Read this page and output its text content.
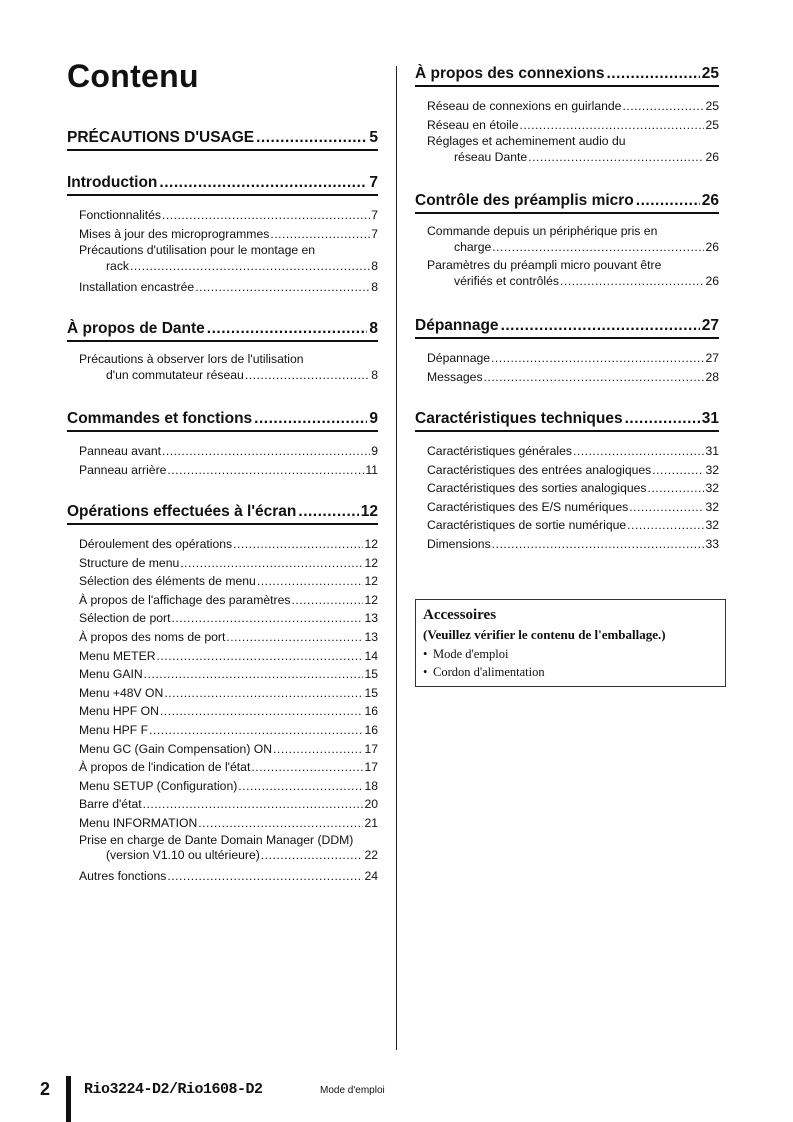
Contenu
PRÉCAUTIONS D'USAGE .....	5
Introduction .....	7
Fonctionnalités .....	7
Mises à jour des microprogrammes .....	7
Précautions d'utilisation pour le montage en
rack .....	8
Installation encastrée .....	8
À propos de Dante .....	8
Précautions à observer lors de l'utilisation
d'un commutateur réseau .....	8
Commandes et fonctions .....	9
Panneau avant .....	9
Panneau arrière .....	11
Opérations effectuées à l'écran .....	12
Déroulement des opérations .....	12
Structure de menu .....	12
Sélection des éléments de menu .....	12
À propos de l'affichage des paramètres .....	12
Sélection de port .....	13
À propos des noms de port .....	13
Menu METER .....	14
Menu GAIN .....	15
Menu +48V ON .....	15
Menu HPF ON .....	16
Menu HPF F .....	16
Menu GC (Gain Compensation) ON .....	17
À propos de l'indication de l'état .....	17
Menu SETUP (Configuration) .....	18
Barre d'état .....	20
Menu INFORMATION .....	21
Prise en charge de Dante Domain Manager (DDM)
(version V1.10 ou ultérieure) .....	22
Autres fonctions .....	24
À propos des connexions .....	25
Réseau de connexions en guirlande .....	25
Réseau en étoile .....	25
Réglages et acheminement audio du
réseau Dante .....	26
Contrôle des préamplis micro .....	26
Commande depuis un périphérique pris en
charge .....	26
Paramètres du préampli micro pouvant être
vérifiés et contrôlés .....	26
Dépannage .....	27
Dépannage .....	27
Messages .....	28
Caractéristiques techniques .....	31
Caractéristiques générales .....	31
Caractéristiques des entrées analogiques .....	32
Caractéristiques des sorties analogiques .....	32
Caractéristiques des E/S numériques .....	32
Caractéristiques de sortie numérique .....	32
Dimensions .....	33
Accessoires
(Veuillez vérifier le contenu de l'emballage.)
• Mode d'emploi
• Cordon d'alimentation
2 Rio3224-D2/Rio1608-D2	Mode d'emploi
